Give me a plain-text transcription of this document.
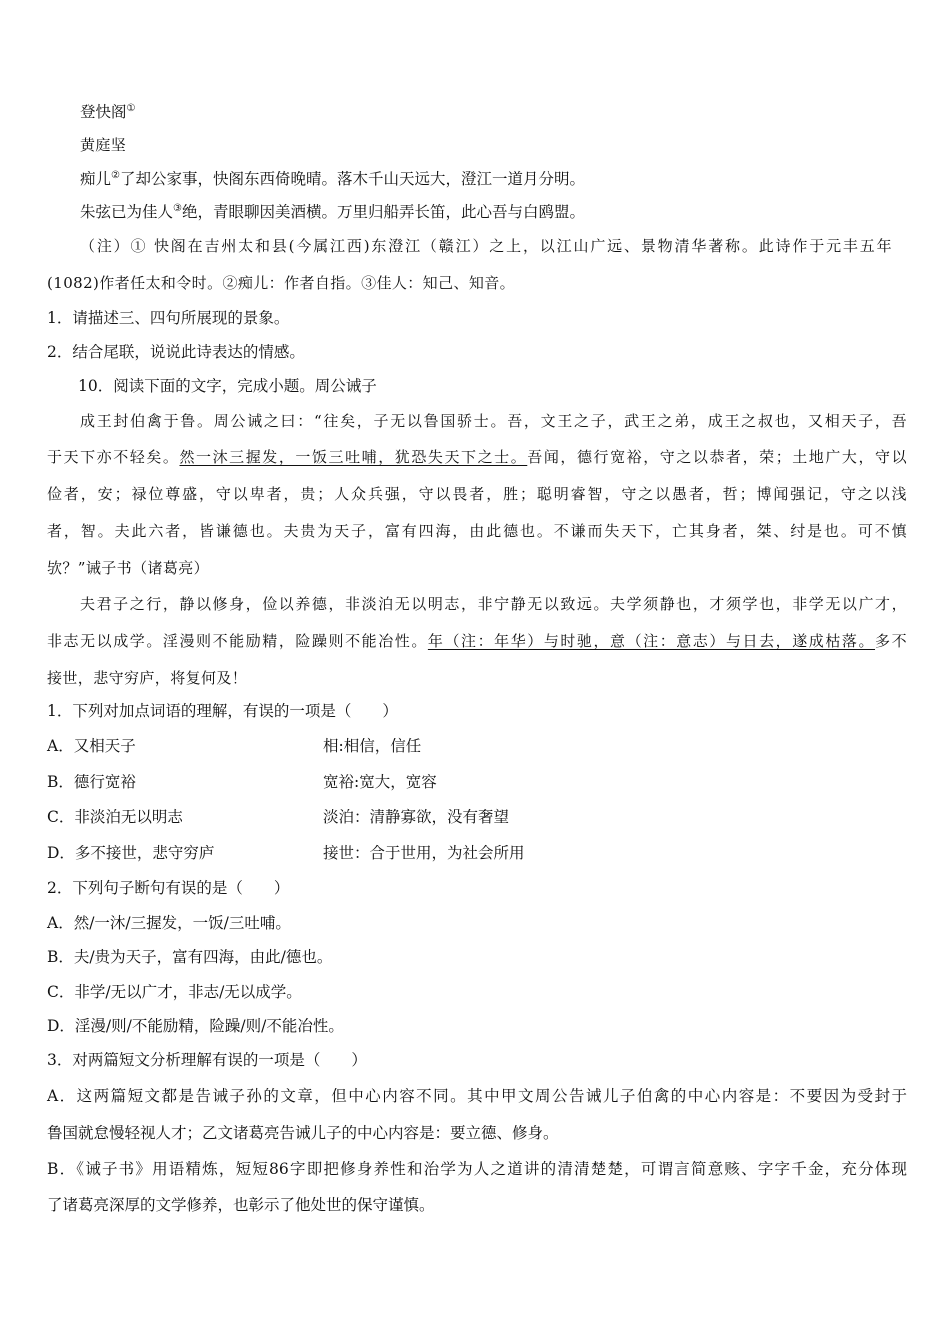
登快阁①
黄庭坚
痴儿②了却公家事，快阁东西倚晚晴。落木千山天远大，澄江一道月分明。
朱弦已为佳人③绝，青眼聊因美酒横。万里归船弄长笛，此心吾与白鸥盟。
（注）① 快阁在吉州太和县(今属江西)东澄江（赣江）之上，以江山广远、景物清华著称。此诗作于元丰五年
(1082)作者任太和令时。②痴儿：作者自指。③佳人：知己、知音。
1．请描述三、四句所展现的景象。
2．结合尾联，说说此诗表达的情感。
10．阅读下面的文字，完成小题。周公诫子
成王封伯禽于鲁。周公诫之曰：“往矣，子无以鲁国骄士。吾，文王之子，武王之弟，成王之叔也，又相天子，吾
于天下亦不轻矣。然一沐三握发，一饭三吐哺，犹恐失天下之士。吾闻，德行宽裕，守之以恭者，荣；土地广大，守以
俭者，安；禄位尊盛，守以卑者，贵；人众兵强，守以畏者，胜；聪明睿智，守之以愚者，哲；博闻强记，守之以浅
者，智。夫此六者，皆谦德也。夫贵为天子，富有四海，由此德也。不谦而失天下，亡其身者，桀、纣是也。可不慎
欤？”诫子书（诸葛亮）
夫君子之行，静以修身，俭以养德，非淡泊无以明志，非宁静无以致远。夫学须静也，才须学也，非学无以广才，
非志无以成学。淫漫则不能励精，险躁则不能冶性。年（注：年华）与时驰，意（注：意志）与日去，遂成枯落。多不
接世，悲守穷庐，将复何及！
1．下列对加点词语的理解，有误的一项是（　　）
A．又相天子	相:相信，信任
B．德行宽裕	宽裕:宽大，宽容
C．非淡泊无以明志	淡泊：清静寡欲，没有奢望
D．多不接世，悲守穷庐	接世：合于世用，为社会所用
2．下列句子断句有误的是（　　）
A．然/一沐/三握发，一饭/三吐哺。
B．夫/贵为天子，富有四海，由此/德也。
C．非学/无以广才，非志/无以成学。
D．淫漫/则/不能励精，险躁/则/不能冶性。
3．对两篇短文分析理解有误的一项是（　　）
A．这两篇短文都是告诫子孙的文章，但中心内容不同。其中甲文周公告诫儿子伯禽的中心内容是：不要因为受封于
鲁国就怠慢轻视人才；乙文诸葛亮告诫儿子的中心内容是：要立德、修身。
B．《诫子书》用语精炼，短短86字即把修身养性和治学为人之道讲的清清楚楚，可谓言简意赅、字字千金，充分体现
了诸葛亮深厚的文学修养，也彰示了他处世的保守谨慎。
